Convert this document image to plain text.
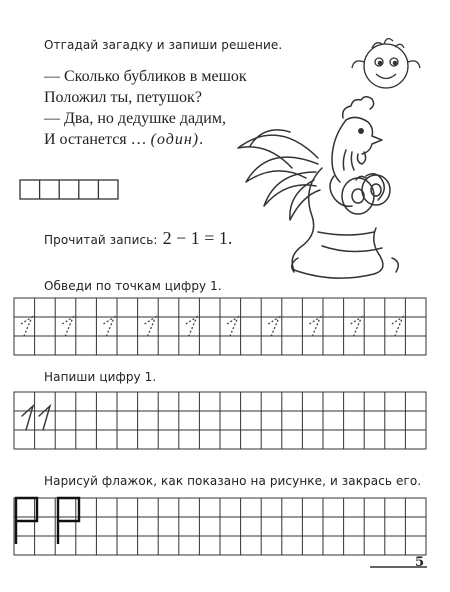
Отгадай загадку и запиши решение.
— Сколько бубликов в мешок
Положил ты, петушок?
— Два, но дедушке дадим,
И останется … (один).
Прочитай запись: 2 − 1 = 1.
Обведи по точкам цифру 1.
Напиши цифру 1.
Нарисуй флажок, как показано на рисунке, и закрась его.
5
